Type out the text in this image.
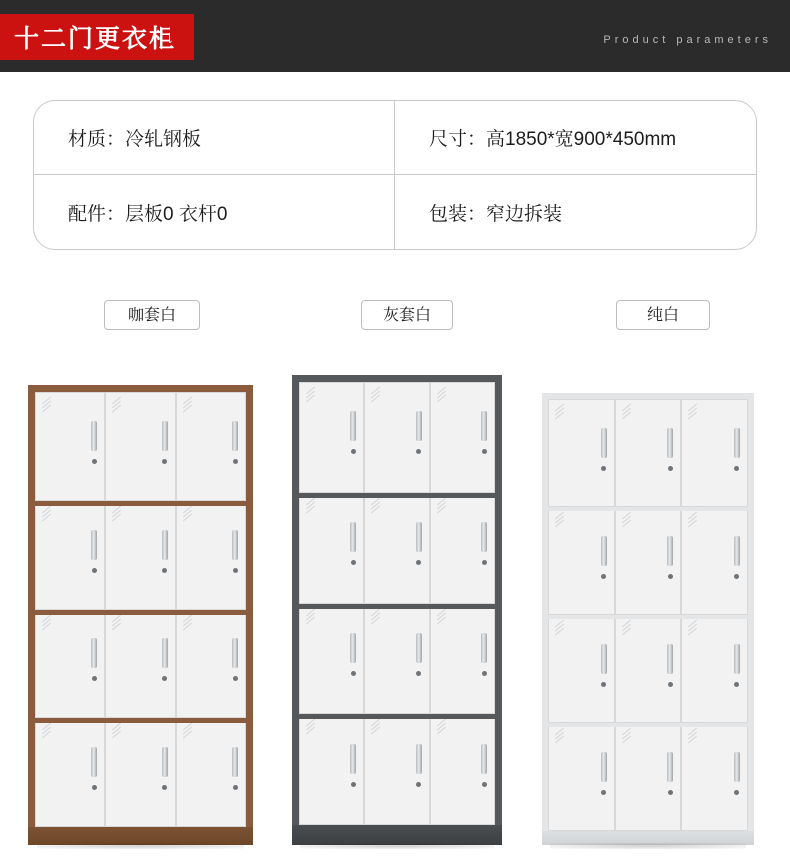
十二门更衣柜	Product parameters
材质：冷轧钢板	尺寸：高1850*宽900*450mm
配件：层板0 衣杆0	包装：窄边拆装
咖套白	灰套白	纯白
